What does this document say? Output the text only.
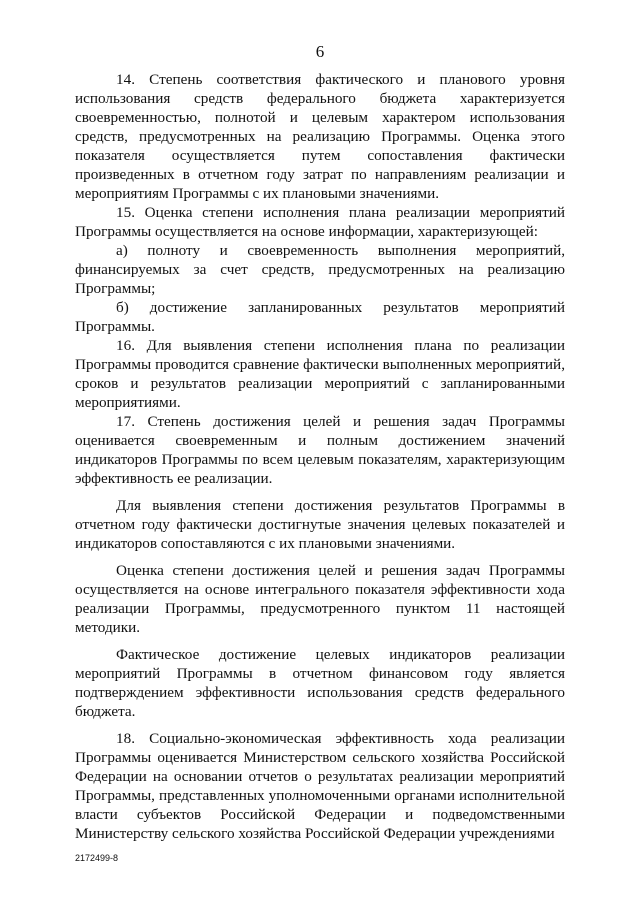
6

14. Степень соответствия фактического и планового уровня использования средств федерального бюджета характеризуется своевременностью, полнотой и целевым характером использования средств, предусмотренных на реализацию Программы. Оценка этого показателя осуществляется путем сопоставления фактически произведенных в отчетном году затрат по направлениям реализации и мероприятиям Программы с их плановыми значениями.

15. Оценка степени исполнения плана реализации мероприятий Программы осуществляется на основе информации, характеризующей:

а) полноту и своевременность выполнения мероприятий, финансируемых за счет средств, предусмотренных на реализацию Программы;

б) достижение запланированных результатов мероприятий Программы.

16. Для выявления степени исполнения плана по реализации Программы проводится сравнение фактически выполненных мероприятий, сроков и результатов реализации мероприятий с запланированными мероприятиями.

17. Степень достижения целей и решения задач Программы оценивается своевременным и полным достижением значений индикаторов Программы по всем целевым показателям, характеризующим эффективность ее реализации.

Для выявления степени достижения результатов Программы в отчетном году фактически достигнутые значения целевых показателей и индикаторов сопоставляются с их плановыми значениями.

Оценка степени достижения целей и решения задач Программы осуществляется на основе интегрального показателя эффективности хода реализации Программы, предусмотренного пунктом 11 настоящей методики.

Фактическое достижение целевых индикаторов реализации мероприятий Программы в отчетном финансовом году является подтверждением эффективности использования средств федерального бюджета.

18. Социально-экономическая эффективность хода реализации Программы оценивается Министерством сельского хозяйства Российской Федерации на основании отчетов о результатах реализации мероприятий Программы, представленных уполномоченными органами исполнительной власти субъектов Российской Федерации и подведомственными Министерству сельского хозяйства Российской Федерации учреждениями

2172499-8
